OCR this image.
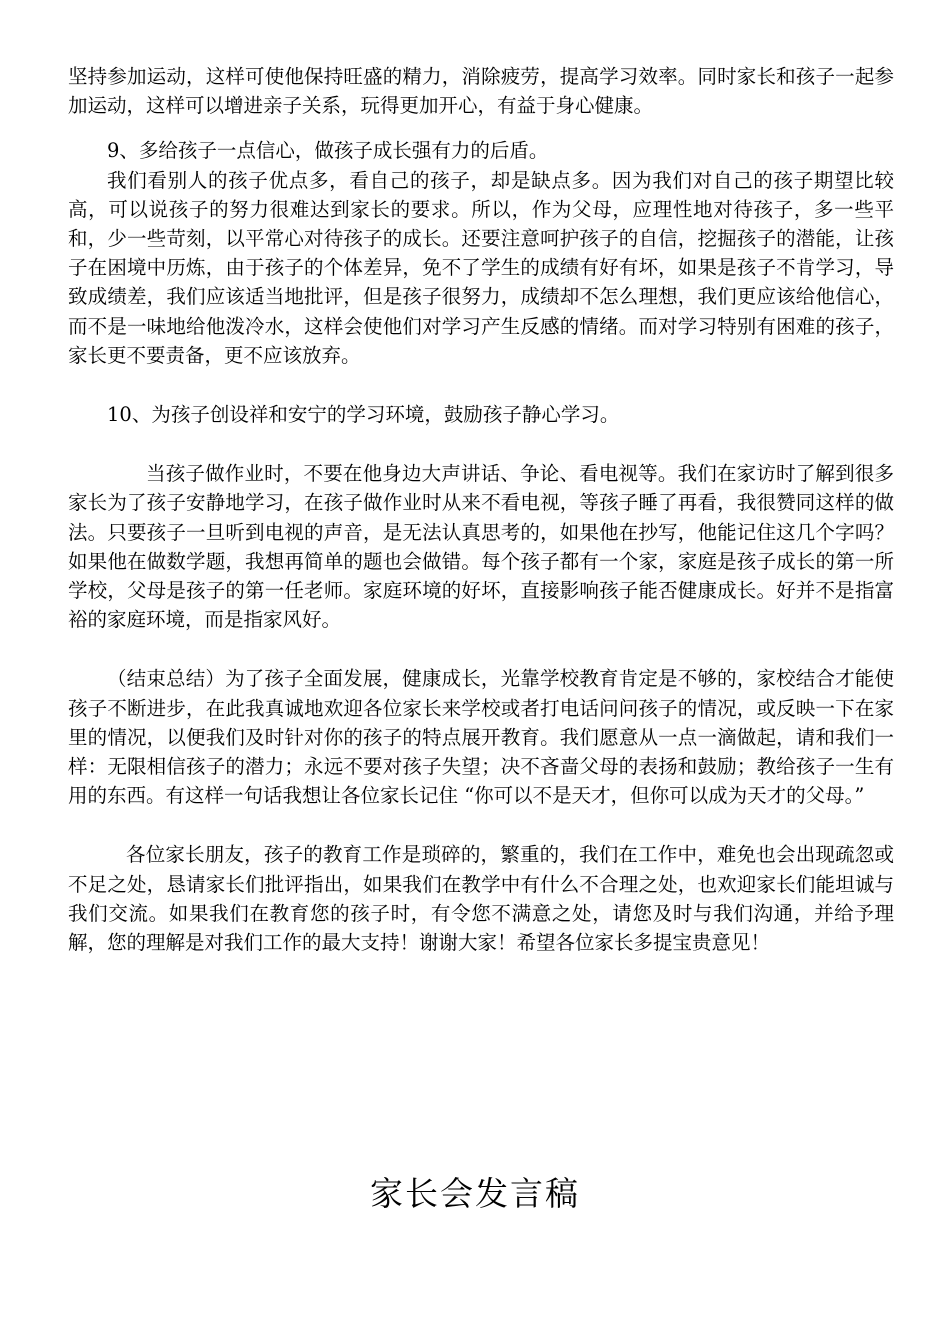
坚持参加运动，这样可使他保持旺盛的精力，消除疲劳，提高学习效率。同时家长和孩子一起参加运动，这样可以增进亲子关系，玩得更加开心，有益于身心健康。

9、多给孩子一点信心，做孩子成长强有力的后盾。

我们看别人的孩子优点多，看自己的孩子，却是缺点多。因为我们对自己的孩子期望比较高，可以说孩子的努力很难达到家长的要求。所以，作为父母，应理性地对待孩子，多一些平和，少一些苛刻，以平常心对待孩子的成长。还要注意呵护孩子的自信，挖掘孩子的潜能，让孩子在困境中历炼，由于孩子的个体差异，免不了学生的成绩有好有坏，如果是孩子不肯学习，导致成绩差，我们应该适当地批评，但是孩子很努力，成绩却不怎么理想，我们更应该给他信心，而不是一味地给他泼冷水，这样会使他们对学习产生反感的情绪。而对学习特别有困难的孩子，家长更不要责备，更不应该放弃。

10、为孩子创设祥和安宁的学习环境，鼓励孩子静心学习。

当孩子做作业时，不要在他身边大声讲话、争论、看电视等。我们在家访时了解到很多家长为了孩子安静地学习，在孩子做作业时从来不看电视，等孩子睡了再看，我很赞同这样的做法。只要孩子一旦听到电视的声音，是无法认真思考的，如果他在抄写，他能记住这几个字吗？如果他在做数学题，我想再简单的题也会做错。每个孩子都有一个家，家庭是孩子成长的第一所学校，父母是孩子的第一任老师。家庭环境的好坏，直接影响孩子能否健康成长。好并不是指富裕的家庭环境，而是指家风好。

（结束总结）为了孩子全面发展，健康成长，光靠学校教育肯定是不够的，家校结合才能使孩子不断进步，在此我真诚地欢迎各位家长来学校或者打电话问问孩子的情况，或反映一下在家里的情况，以便我们及时针对你的孩子的特点展开教育。我们愿意从一点一滴做起，请和我们一样：无限相信孩子的潜力；永远不要对孩子失望；决不吝啬父母的表扬和鼓励；教给孩子一生有用的东西。有这样一句话我想让各位家长记住 “你可以不是天才，但你可以成为天才的父母。”

各位家长朋友，孩子的教育工作是琐碎的，繁重的，我们在工作中，难免也会出现疏忽或不足之处，恳请家长们批评指出，如果我们在教学中有什么不合理之处，也欢迎家长们能坦诚与我们交流。如果我们在教育您的孩子时，有令您不满意之处，请您及时与我们沟通，并给予理解，您的理解是对我们工作的最大支持！谢谢大家！希望各位家长多提宝贵意见！

家长会发言稿
